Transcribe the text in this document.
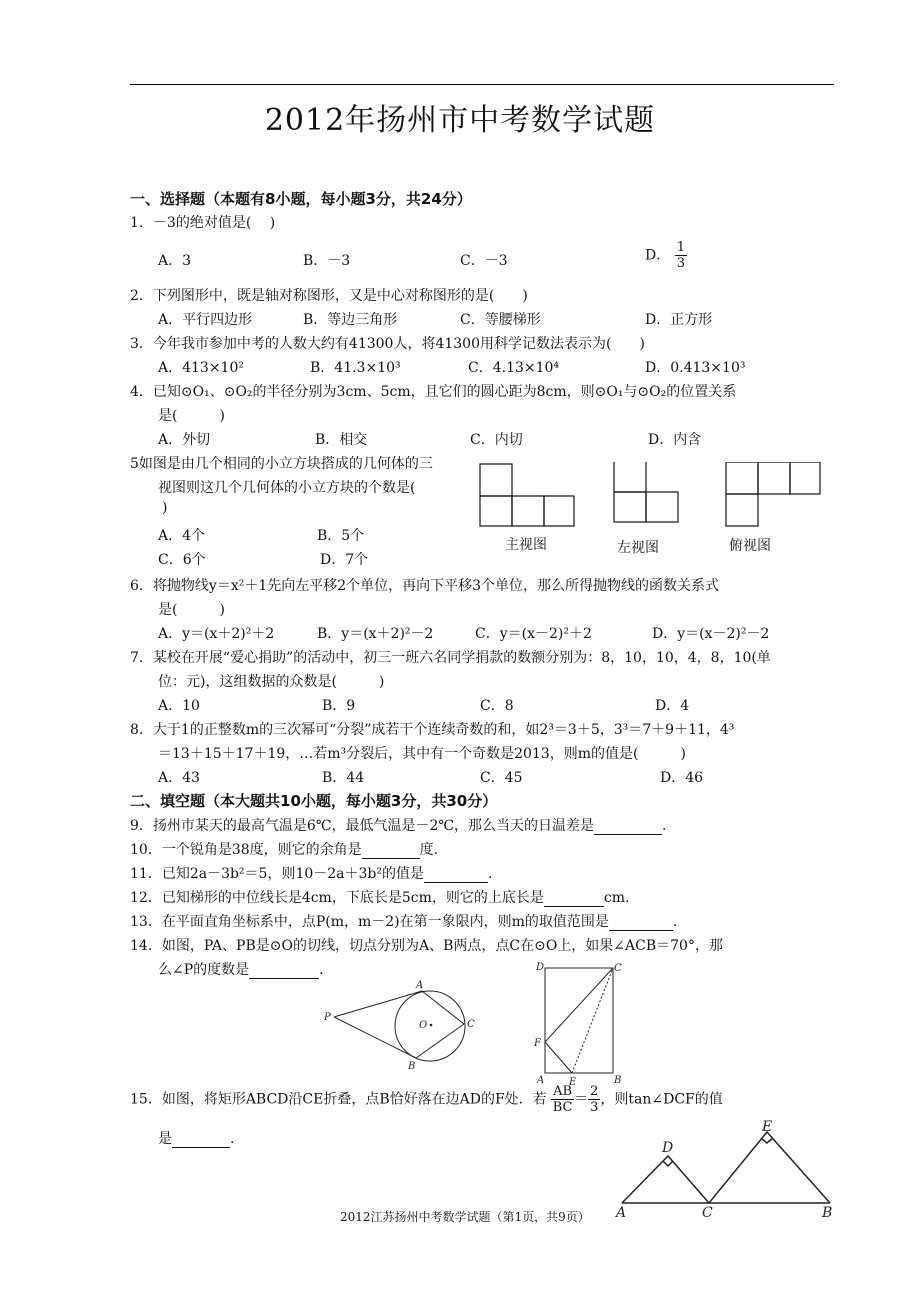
2012年扬州市中考数学试题
一、选择题（本题有8小题，每小题3分，共24分）
1．－3的绝对值是(　 )
A．3	B．－3	C．－3	D． $\frac{1}{3}$
2．下列图形中，既是轴对称图形，又是中心对称图形的是(　　)
A．平行四边形	B．等边三角形	C．等腰梯形	D．正方形
3．今年我市参加中考的人数大约有41300人，将41300用科学记数法表示为(　　)
A．413×10²	B．41.3×10³	C．4.13×10⁴	D．0.413×10³
4．已知⊙O₁、⊙O₂的半径分别为3cm、5cm，且它们的圆心距为8cm，则⊙O₁与⊙O₂的位置关系
是(　　　)
A．外切	B．相交	C．内切	D．内含
5如图是由几个相同的小立方块搭成的几何体的三
视图则这几个几何体的小立方块的个数是(
)
A．4个	B．5个
C．6个	D．7个
主视图	左视图	俯视图
6．将抛物线y＝x²＋1先向左平移2个单位，再向下平移3个单位，那么所得抛物线的函数关系式
是(　　　)
A．y＝(x＋2)²＋2	B．y＝(x＋2)²－2	C．y＝(x－2)²＋2	D．y＝(x－2)²－2
7．某校在开展“爱心捐助”的活动中，初三一班六名同学捐款的数额分别为：8，10，10，4，8，10(单
位：元)，这组数据的众数是(　　　)
A．10	B．9	C．8	D．4
8．大于1的正整数m的三次幂可“分裂”成若干个连续奇数的和，如2³＝3＋5，3³＝7＋9＋11，4³
＝13＋15＋17＋19，…若m³分裂后，其中有一个奇数是2013，则m的值是(　　　)
A．43	B．44	C．45	D．46
二、填空题（本大题共10小题，每小题3分，共30分）
9．扬州市某天的最高气温是6℃，最低气温是－2℃，那么当天的日温差是	.
10．一个锐角是38度，则它的余角是	度.
11．已知2a－3b²＝5，则10－2a＋3b²的值是	.
12．已知梯形的中位线长是4cm，下底长是5cm，则它的上底长是	cm.
13．在平面直角坐标系中，点P(m，m－2)在第一象限内，则m的取值范围是	.
14．如图，PA、PB是⊙O的切线，切点分别为A、B两点，点C在⊙O上，如果∠ACB＝70°，那
么∠P的度数是	.
P
A
B
C
O
D	C
F
A E	B
15．如图，将矩形ABCD沿CE折叠，点B恰好落在边AD的F处．若 $\frac{AB}{BC} = \frac{2}{3}$ ，则tan∠DCF的值
是	.
D
E
A	C	B
2012江苏扬州中考数学试题（第1页，共9页）
